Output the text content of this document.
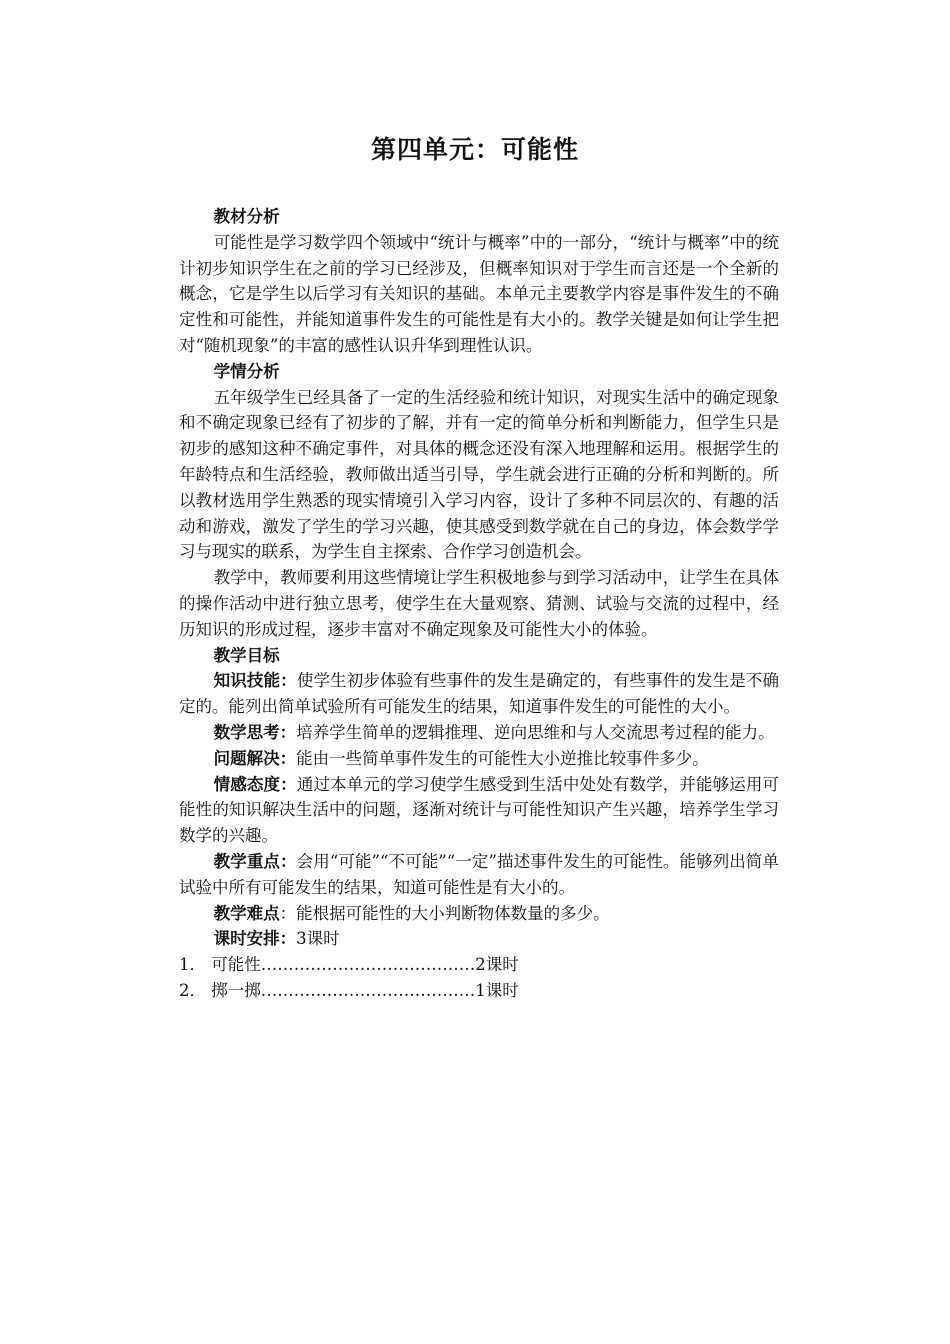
第四单元：可能性

教材分析

可能性是学习数学四个领域中“统计与概率”中的一部分，“统计与概率”中的统计初步知识学生在之前的学习已经涉及，但概率知识对于学生而言还是一个全新的概念，它是学生以后学习有关知识的基础。本单元主要教学内容是事件发生的不确定性和可能性，并能知道事件发生的可能性是有大小的。教学关键是如何让学生把对“随机现象”的丰富的感性认识升华到理性认识。

学情分析

五年级学生已经具备了一定的生活经验和统计知识，对现实生活中的确定现象和不确定现象已经有了初步的了解，并有一定的简单分析和判断能力，但学生只是初步的感知这种不确定事件，对具体的概念还没有深入地理解和运用。根据学生的年龄特点和生活经验，教师做出适当引导，学生就会进行正确的分析和判断的。所以教材选用学生熟悉的现实情境引入学习内容，设计了多种不同层次的、有趣的活动和游戏，激发了学生的学习兴趣，使其感受到数学就在自己的身边，体会数学学习与现实的联系，为学生自主探索、合作学习创造机会。

教学中，教师要利用这些情境让学生积极地参与到学习活动中，让学生在具体的操作活动中进行独立思考，使学生在大量观察、猜测、试验与交流的过程中，经历知识的形成过程，逐步丰富对不确定现象及可能性大小的体验。

教学目标

知识技能：使学生初步体验有些事件的发生是确定的，有些事件的发生是不确定的。能列出简单试验所有可能发生的结果，知道事件发生的可能性的大小。

数学思考：培养学生简单的逻辑推理、逆向思维和与人交流思考过程的能力。

问题解决：能由一些简单事件发生的可能性大小逆推比较事件多少。

情感态度：通过本单元的学习使学生感受到生活中处处有数学，并能够运用可能性的知识解决生活中的问题，逐渐对统计与可能性知识产生兴趣，培养学生学习数学的兴趣。

教学重点：会用“可能”“不可能”“一定”描述事件发生的可能性。能够列出简单试验中所有可能发生的结果，知道可能性是有大小的。

教学难点：能根据可能性的大小判断物体数量的多少。

课时安排：3课时

1． 可能性…………………………………2课时

2． 掷一掷…………………………………1课时
